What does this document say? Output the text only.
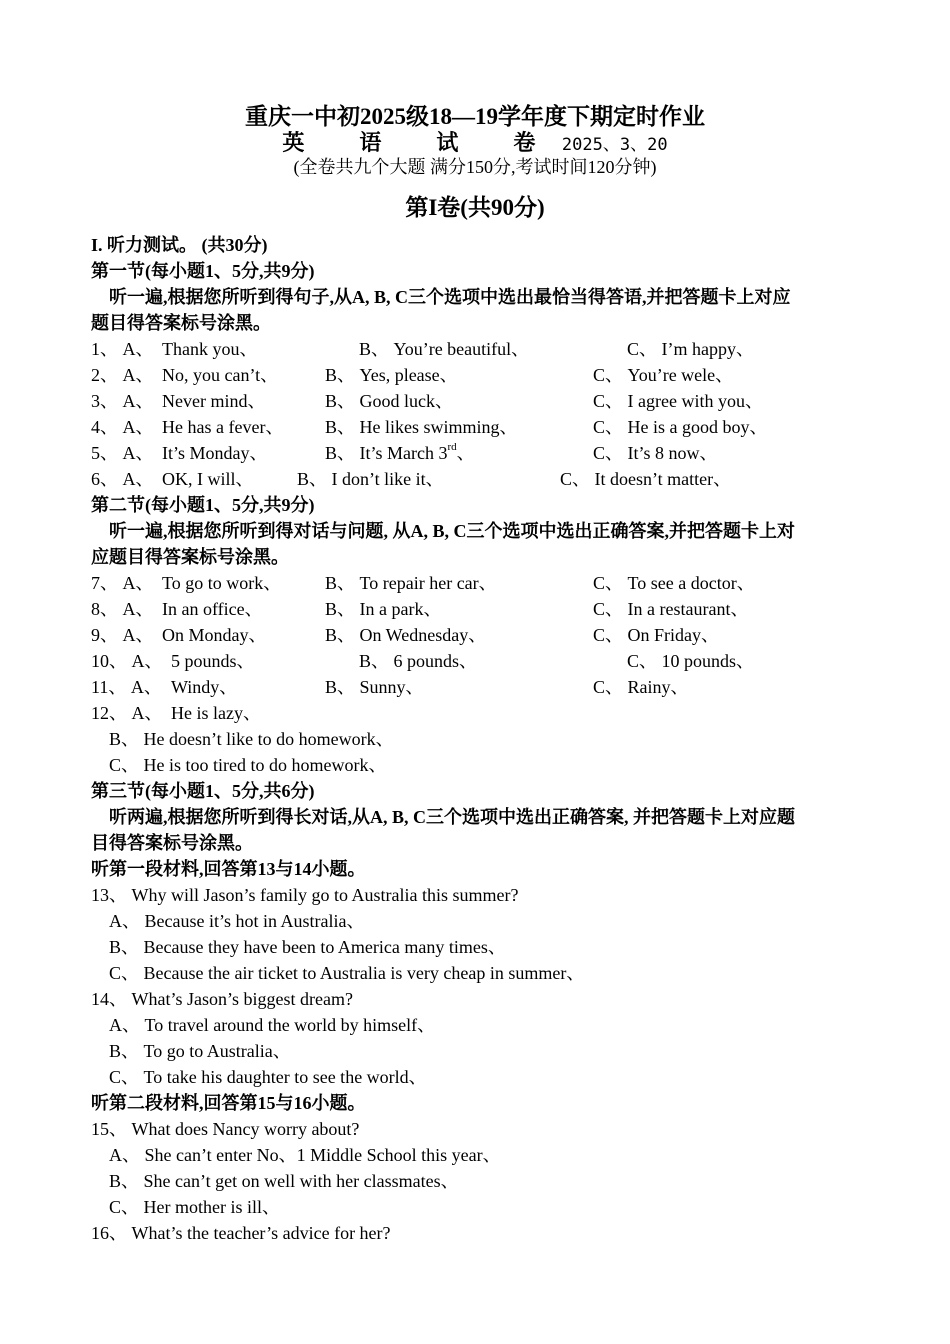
重庆一中初2025级18—19学年度下期定时作业
英　语　试　卷 2025、3、20
(全卷共九个大题 满分150分,考试时间120分钟)
第I卷(共90分)
I. 听力测试。 (共30分)
第一节(每小题1、5分,共9分)
听一遍,根据您所听到得句子,从A, B, C三个选项中选出最恰当得答语,并把答题卡上对应
题目得答案标号涂黑。
1、 A、 Thank you、	B、 You’re beautiful、	C、 I’m happy、
2、 A、 No, you can’t、	B、 Yes, please、	C、 You’re wele、
3、 A、 Never mind、	B、 Good luck、	C、 I agree with you、
4、 A、 He has a fever、 B、 He likes swimming、	C、 He is a good boy、
5、 A、 It’s Monday、	B、 It’s March 3rd、	C、 It’s 8 now、
6、 A、 OK, I will、 B、 I don’t like it、	C、 It doesn’t matter、
第二节(每小题1、5分,共9分)
听一遍,根据您所听到得对话与问题, 从A, B, C三个选项中选出正确答案,并把答题卡上对
应题目得答案标号涂黑。
7、 A、 To go to work、 B、 To repair her car、	C、 To see a doctor、
8、 A、 In an office、	B、 In a park、	C、 In a restaurant、
9、 A、 On Monday、	B、 On Wednesday、	C、 On Friday、
10、 A、 5 pounds、	B、 6 pounds、	C、 10 pounds、
11、 A、 Windy、	B、 Sunny、	C、 Rainy、
12、 A、 He is lazy、
B、 He doesn’t like to do homework、
C、 He is too tired to do homework、
第三节(每小题1、5分,共6分)
听两遍,根据您所听到得长对话,从A, B, C三个选项中选出正确答案, 并把答题卡上对应题
目得答案标号涂黑。
听第一段材料,回答第13与14小题。
13、 Why will Jason’s family go to Australia this summer?
A、 Because it’s hot in Australia、
B、 Because they have been to America many times、
C、 Because the air ticket to Australia is very cheap in summer、
14、 What’s Jason’s biggest dream?
A、 To travel around the world by himself、
B、 To go to Australia、
C、 To take his daughter to see the world、
听第二段材料,回答第15与16小题。
15、 What does Nancy worry about?
A、 She can’t enter No、1 Middle School this year、
B、 She can’t get on well with her classmates、
C、 Her mother is ill、
16、 What’s the teacher’s advice for her?
